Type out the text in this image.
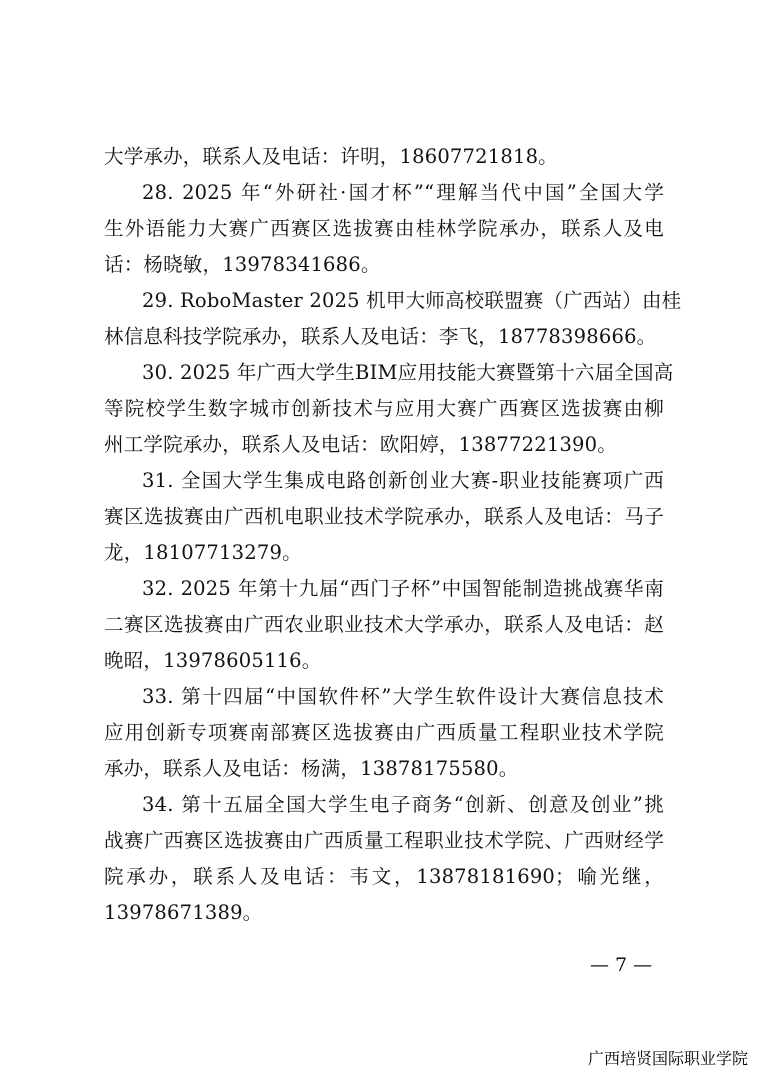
大学承办，联系人及电话：许明，18607721818。
28. 2025 年“外研社·国才杯”“理解当代中国”全国大学
生外语能力大赛广西赛区选拔赛由桂林学院承办，联系人及电
话：杨晓敏，13978341686。
29. RoboMaster 2025 机甲大师高校联盟赛（广西站）由桂
林信息科技学院承办，联系人及电话：李飞，18778398666。
30. 2025 年广西大学生BIM应用技能大赛暨第十六届全国高
等院校学生数字城市创新技术与应用大赛广西赛区选拔赛由柳
州工学院承办，联系人及电话：欧阳婷，13877221390。
31. 全国大学生集成电路创新创业大赛-职业技能赛项广西
赛区选拔赛由广西机电职业技术学院承办，联系人及电话：马子
龙，18107713279。
32. 2025 年第十九届“西门子杯”中国智能制造挑战赛华南
二赛区选拔赛由广西农业职业技术大学承办，联系人及电话：赵
晚昭，13978605116。
33. 第十四届“中国软件杯”大学生软件设计大赛信息技术
应用创新专项赛南部赛区选拔赛由广西质量工程职业技术学院
承办，联系人及电话：杨满，13878175580。
34. 第十五届全国大学生电子商务“创新、创意及创业”挑
战赛广西赛区选拔赛由广西质量工程职业技术学院、广西财经学
院承办，联系人及电话：韦文，13878181690；喻光继，
13978671389。
— 7 —
广西培贤国际职业学院
